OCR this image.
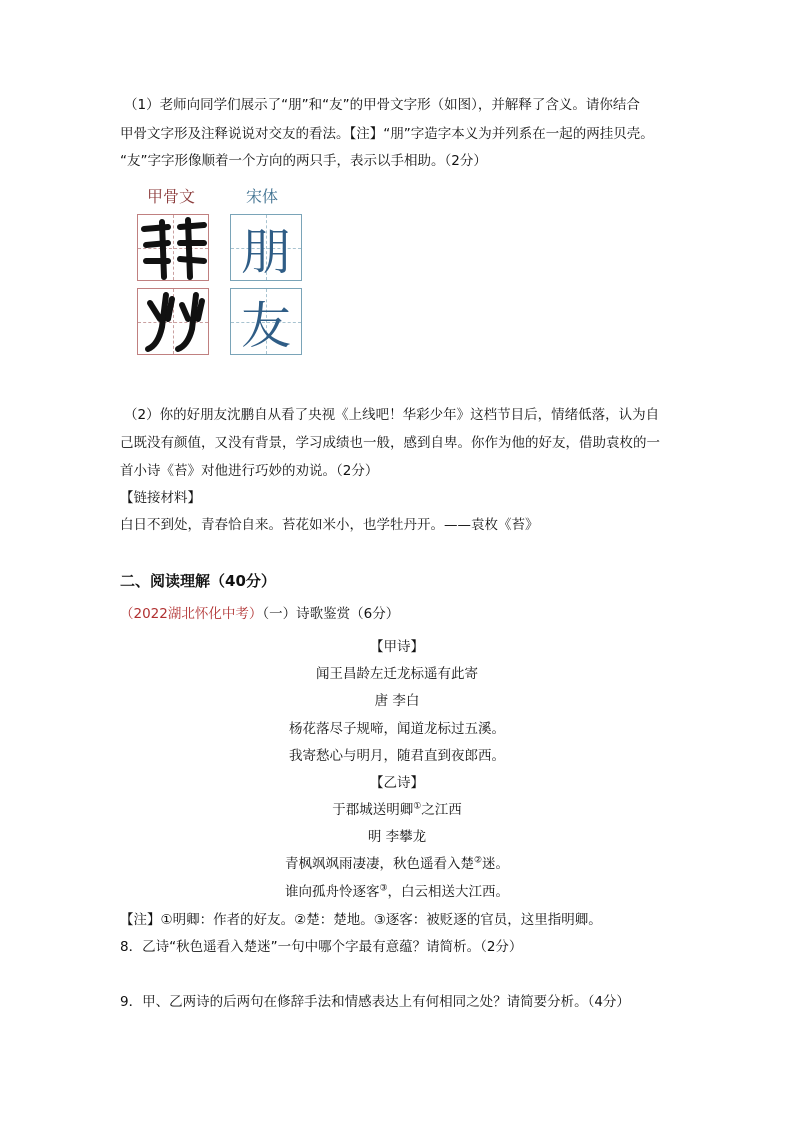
（1）老师向同学们展示了“朋”和“友”的甲骨文字形（如图），并解释了含义。请你结合
甲骨文字形及注释说说对交友的看法。【注】“朋”字造字本义为并列系在一起的两挂贝壳。
“友”字字形像顺着一个方向的两只手，表示以手相助。（2分）
甲骨文	宋体
朋
友
（2）你的好朋友沈鹏自从看了央视《上线吧！华彩少年》这档节目后，情绪低落，认为自
己既没有颜值，又没有背景，学习成绩也一般，感到自卑。你作为他的好友，借助袁枚的一
首小诗《苔》对他进行巧妙的劝说。（2分）
【链接材料】
白日不到处，青春恰自来。苔花如米小，也学牡丹开。——袁枚《苔》
二、阅读理解（40分）
（2022湖北怀化中考）（一）诗歌鉴赏（6分）
【甲诗】
闻王昌龄左迁龙标遥有此寄
唐 李白
杨花落尽子规啼，闻道龙标过五溪。
我寄愁心与明月，随君直到夜郎西。
【乙诗】
于郡城送明卿①之江西
明 李攀龙
青枫飒飒雨凄凄，秋色遥看入楚②迷。
谁向孤舟怜逐客③，白云相送大江西。
【注】①明卿：作者的好友。②楚：楚地。③逐客：被贬逐的官员，这里指明卿。
8．乙诗“秋色遥看入楚迷”一句中哪个字最有意蕴？请简析。（2分）
9．甲、乙两诗的后两句在修辞手法和情感表达上有何相同之处？请简要分析。（4分）
